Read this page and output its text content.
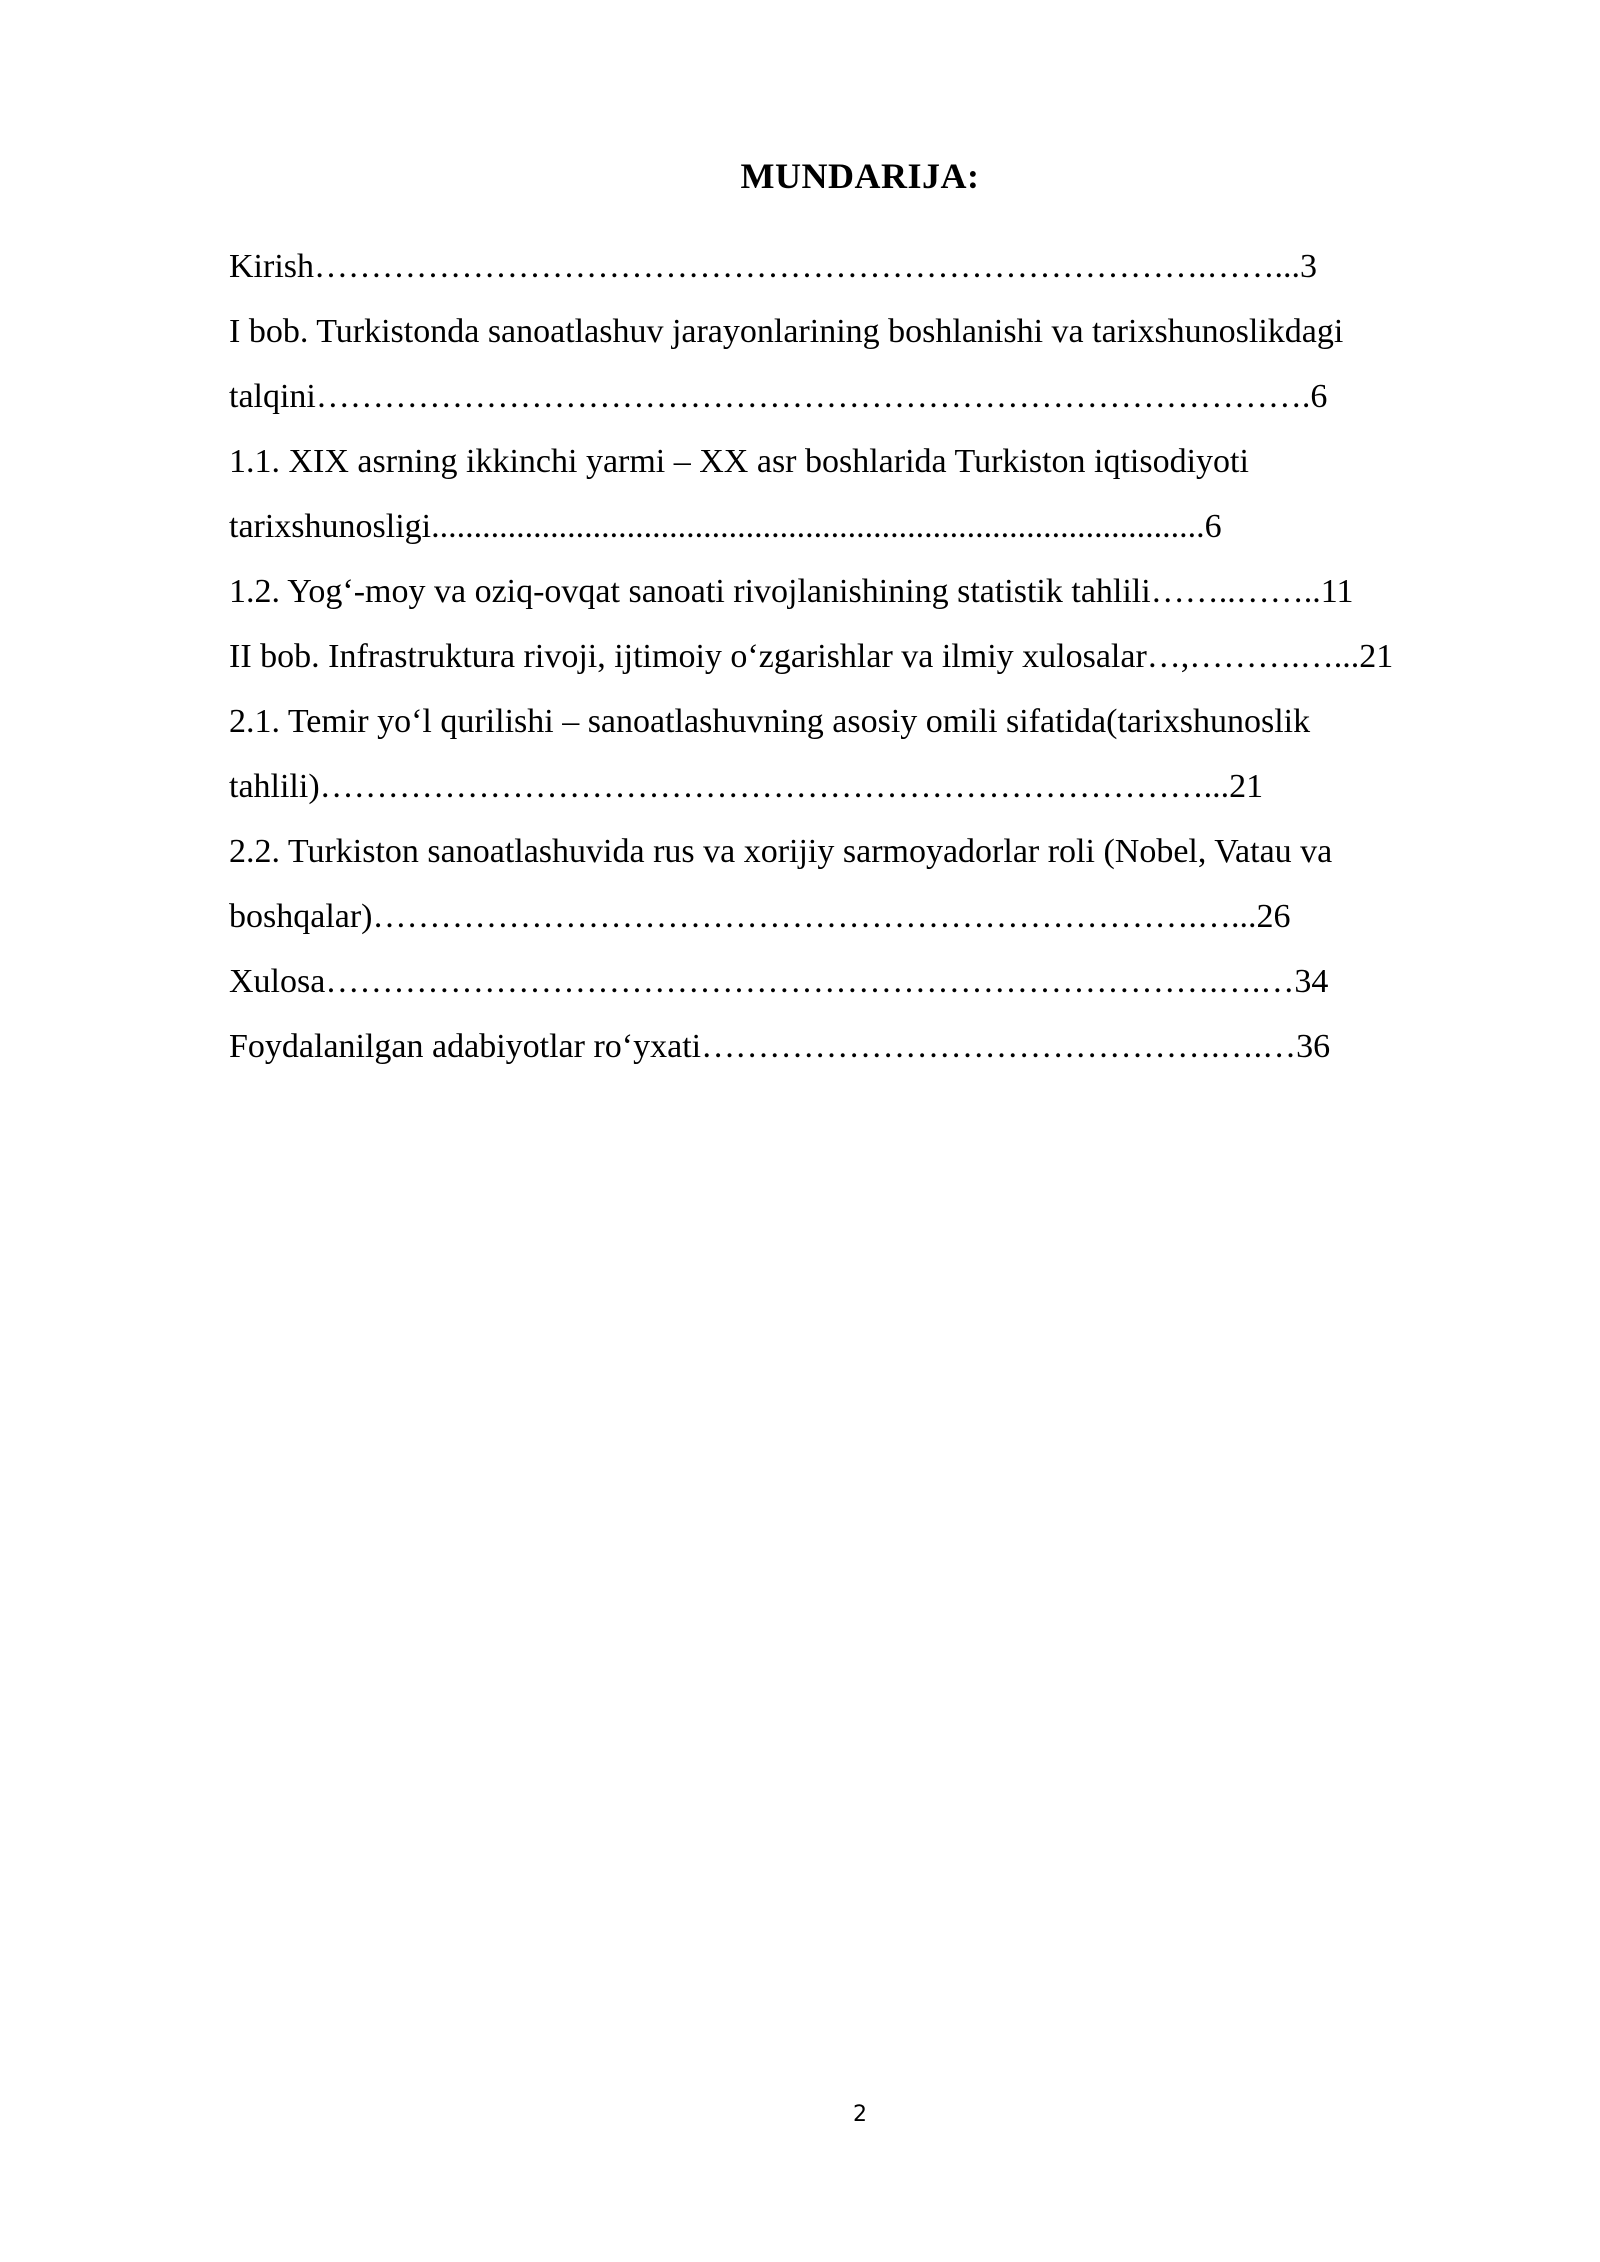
MUNDARIJA:
Kirish…………………………………………………………………….……...3
I bob. Turkistonda sanoatlashuv jarayonlarining boshlanishi va tarixshunoslikdagi
talqini…………………………………………………………………………….6
1.1. XIX asrning ikkinchi yarmi – XX asr boshlarida Turkiston iqtisodiyoti
tarixshunosligi...........................................................................................6
1.2. Yog‘-moy va oziq-ovqat sanoati rivojlanishining statistik tahlili……..……..11
II bob. Infrastruktura rivoji, ijtimoiy o‘zgarishlar va ilmiy xulosalar…,……….…...21
2.1. Temir yo‘l qurilishi – sanoatlashuvning asosiy omili sifatida(tarixshunoslik
tahlili)……………………………………………………………………...21
2.2. Turkiston sanoatlashuvida rus va xorijiy sarmoyadorlar roli (Nobel, Vatau va
boshqalar)……………………………………………………………….…...26
Xulosa…………………………………………………………………….….…34
Foydalanilgan adabiyotlar ro‘yxati……………………………………….….…36
2
